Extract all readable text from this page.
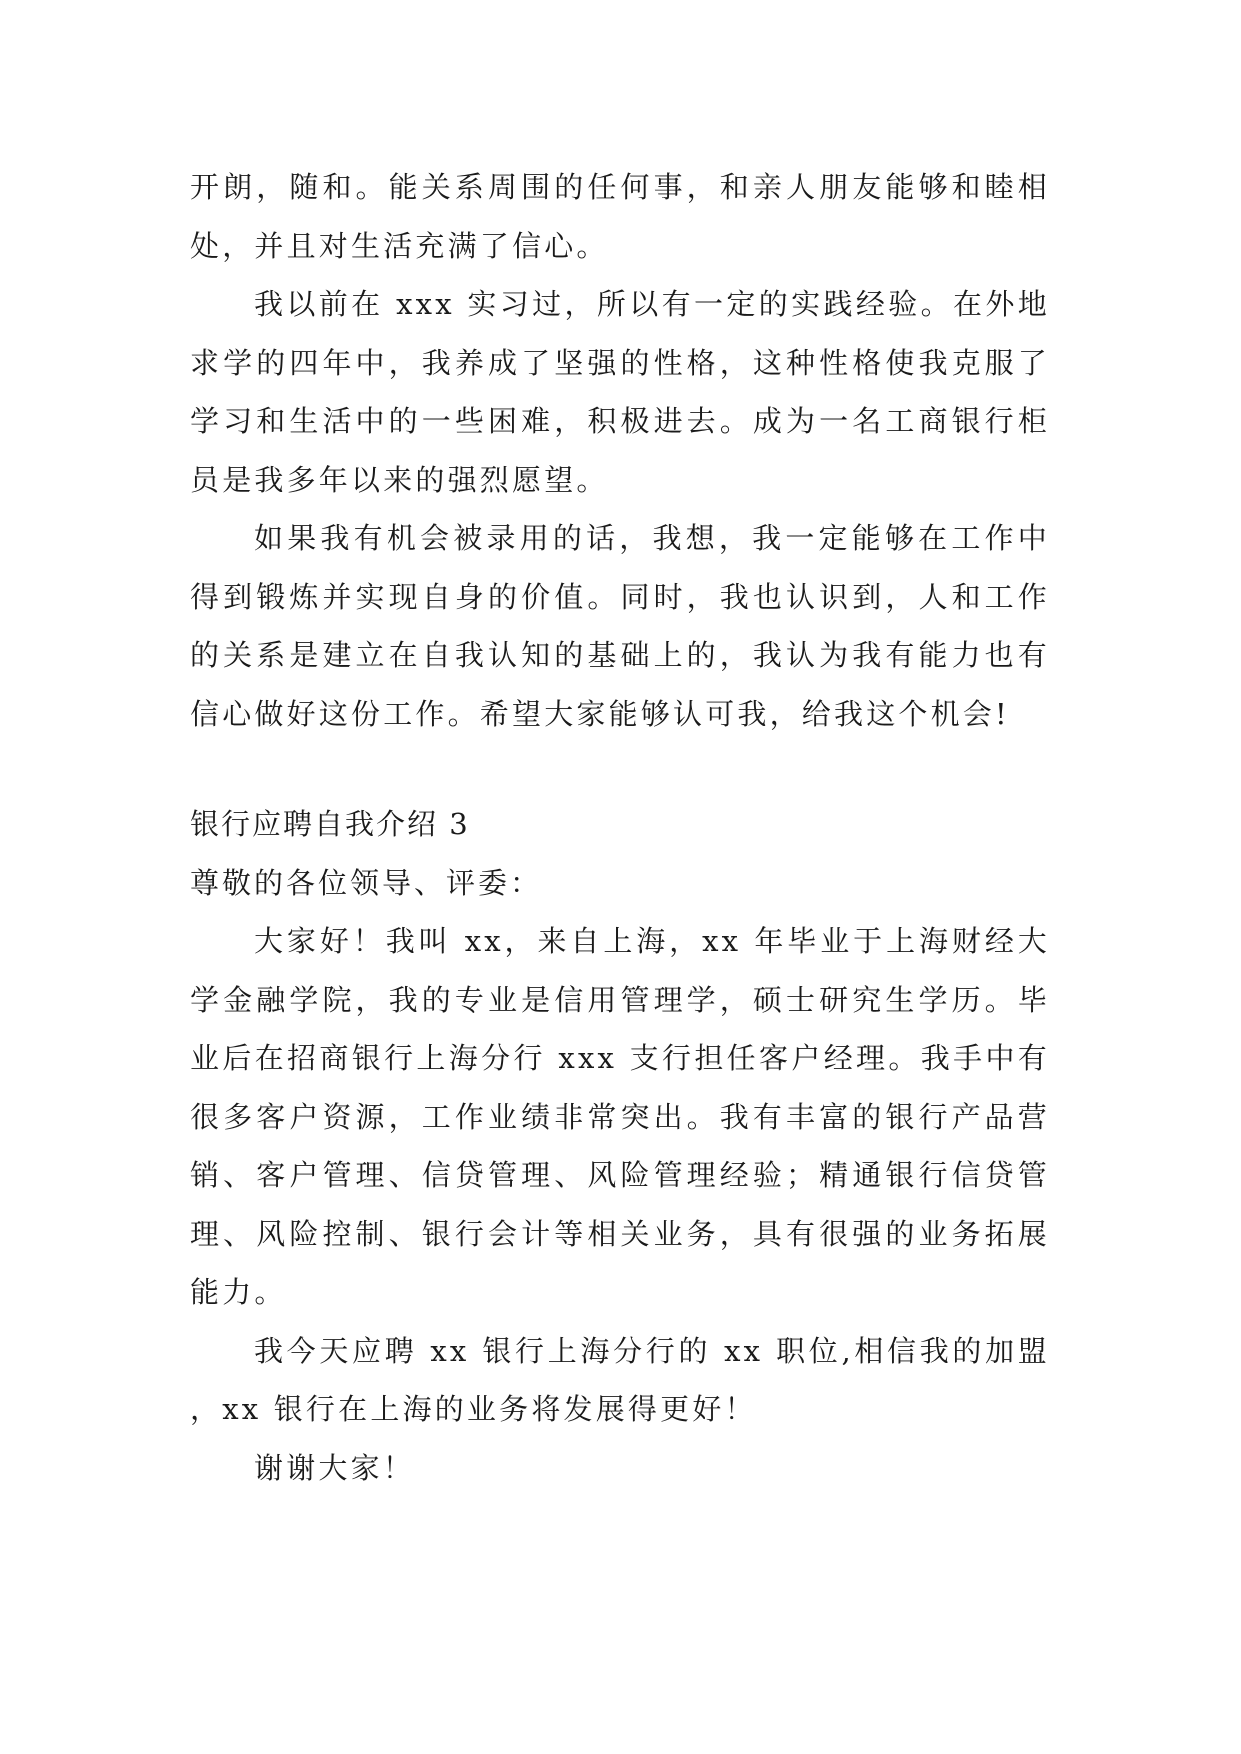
开朗，随和。能关系周围的任何事，和亲人朋友能够和睦相处，并且对生活充满了信心。

我以前在 xxx 实习过，所以有一定的实践经验。在外地求学的四年中，我养成了坚强的性格，这种性格使我克服了学习和生活中的一些困难，积极进去。成为一名工商银行柜员是我多年以来的强烈愿望。

如果我有机会被录用的话，我想，我一定能够在工作中得到锻炼并实现自身的价值。同时，我也认识到，人和工作的关系是建立在自我认知的基础上的，我认为我有能力也有信心做好这份工作。希望大家能够认可我，给我这个机会!

银行应聘自我介绍 3

尊敬的各位领导、评委：

大家好！我叫 xx，来自上海，xx 年毕业于上海财经大学金融学院，我的专业是信用管理学，硕士研究生学历。毕业后在招商银行上海分行 xxx 支行担任客户经理。我手中有很多客户资源，工作业绩非常突出。我有丰富的银行产品营销、客户管理、信贷管理、风险管理经验；精通银行信贷管理、风险控制、银行会计等相关业务，具有很强的业务拓展能力。

我今天应聘 xx 银行上海分行的 xx 职位,相信我的加盟，xx 银行在上海的业务将发展得更好！

谢谢大家！
